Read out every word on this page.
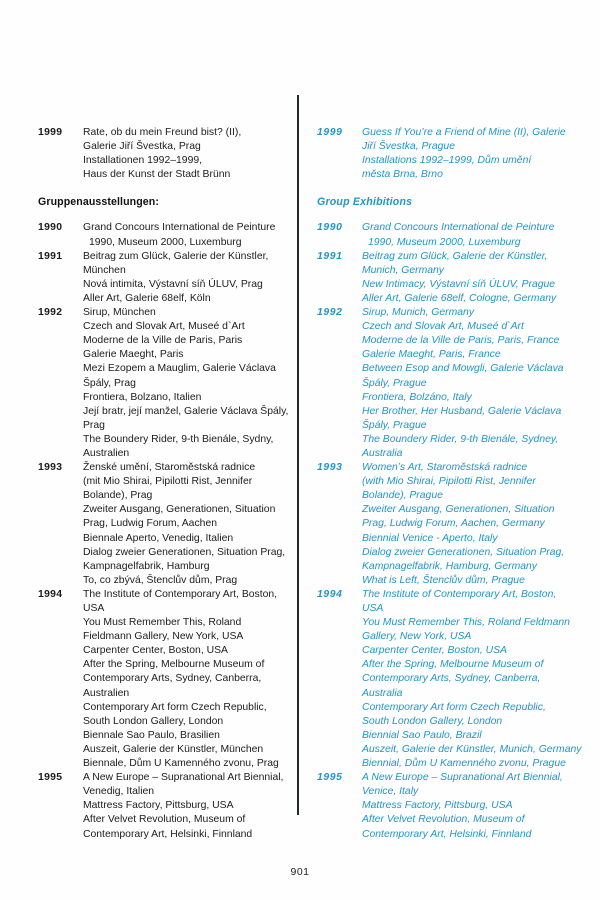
1999	Rate, ob du mein Freund bist? (II),
Galerie Jiří Švestka, Prag
Installationen 1992–1999,
Haus der Kunst der Stadt Brünn
Gruppenausstellungen:
1990	Grand Concours International de Peinture
1990, Museum 2000, Luxemburg
1991	Beitrag zum Glück, Galerie der Künstler,
München
Nová intimita, Výstavní síň ÚLUV, Prag
Aller Art, Galerie 68elf, Köln
1992	Sirup, München
Czech and Slovak Art, Museé d`Art
Moderne de la Ville de Paris, Paris
Galerie Maeght, Paris
Mezi Ezopem a Mauglim, Galerie Václava
Špály, Prag
Frontiera, Bolzano, Italien
Její bratr, její manžel, Galerie Václava Špály,
Prag
The Boundery Rider, 9-th Bienále, Sydny,
Australien
1993	Ženské umění, Staroměstská radnice
(mit Mio Shirai, Pipilotti Rist, Jennifer
Bolande), Prag
Zweiter Ausgang, Generationen, Situation
Prag, Ludwig Forum, Aachen
Biennale Aperto, Venedig, Italien
Dialog zweier Generationen, Situation Prag,
Kampnagelfabrik, Hamburg
To, co zbývá, Štenclův dům, Prag
1994	The Institute of Contemporary Art, Boston,
USA
You Must Remember This, Roland
Fieldmann Gallery, New York, USA
Carpenter Center, Boston, USA
After the Spring, Melbourne Museum of
Contemporary Arts, Sydney, Canberra,
Australien
Contemporary Art form Czech Republic,
South London Gallery, London
Biennale Sao Paulo, Brasilien
Auszeit, Galerie der Künstler, München
Biennale, Dům U Kamenného zvonu, Prag
1995	A New Europe – Supranational Art Biennial,
Venedig, Italien
Mattress Factory, Pittsburg, USA
After Velvet Revolution, Museum of
Contemporary Art, Helsinki, Finnland
1999	Guess If You’re a Friend of Mine (II), Galerie
Jiří Švestka, Prague
Installations 1992–1999, Dům umění
města Brna, Brno
Group Exhibitions
1990	Grand Concours International de Peinture
1990, Museum 2000, Luxemburg
1991	Beitrag zum Glück, Galerie der Künstler,
Munich, Germany
New Intimacy, Výstavní síň ÚLUV, Prague
Aller Art, Galerie 68elf, Cologne, Germany
1992	Sirup, Munich, Germany
Czech and Slovak Art, Museé d`Art
Moderne de la Ville de Paris, Paris, France
Galerie Maeght, Paris, France
Between Esop and Mowgli, Galerie Václava
Špály, Prague
Frontiera, Bolzáno, Italy
Her Brother, Her Husband, Galerie Václava
Špály, Prague
The Boundery Rider, 9-th Bienále, Sydney,
Australia
1993	Women’s Art, Staroměstská radnice
(with Mio Shirai, Pipilotti Rist, Jennifer
Bolande), Prague
Zweiter Ausgang, Generationen, Situation
Prag, Ludwig Forum, Aachen, Germany
Biennial Venice - Aperto, Italy
Dialog zweier Generationen, Situation Prag,
Kampnagelfabrik, Hamburg, Germany
What is Left, Štenclův dům, Prague
1994	The Institute of Contemporary Art, Boston,
USA
You Must Remember This, Roland Feldmann
Gallery, New York, USA
Carpenter Center, Boston, USA
After the Spring, Melbourne Museum of
Contemporary Arts, Sydney, Canberra,
Australia
Contemporary Art form Czech Republic,
South London Gallery, London
Biennial Sao Paulo, Brazil
Auszeit, Galerie der Künstler, Munich, Germany
Biennial, Dům U Kamenného zvonu, Prague
1995	A New Europe – Supranational Art Biennial,
Venice, Italy
Mattress Factory, Pittsburg, USA
After Velvet Revolution, Museum of
Contemporary Art, Helsinki, Finnland
901
